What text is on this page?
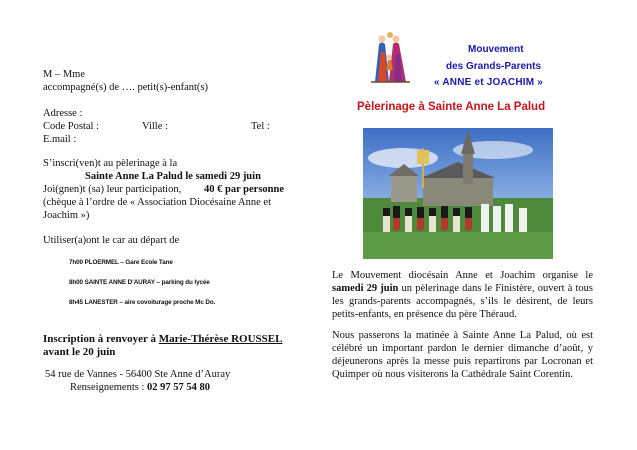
M – Mme
accompagné(s) de …. petit(s)-enfant(s)
Adresse :
Code Postal :	Ville :	Tel :
E.mail :
S’inscri(ven)t au pèlerinage à la
Sainte Anne La Palud le samedi 29 juin
Joi(gnen)t (sa) leur participation, 40 € par personne
(chèque à l’ordre de « Association Diocésaine Anne et
Joachim »)
Utiliser(a)ont le car au départ de
7h00 PLOERMEL – Gare Ecole Tane
8h00 SAINTE ANNE D’AURAY – parking du lycée
8h45 LANESTER – aire covoiturage proche Mc Do.
Inscription à renvoyer à Marie-Thérèse ROUSSEL
avant le 20 juin
54 rue de Vannes - 56400 Ste Anne d’Auray
Renseignements : 02 97 57 54 80
Mouvement
des Grands-Parents
« ANNE et JOACHIM »
Pèlerinage à Sainte Anne La Palud
Le Mouvement diocésain Anne et Joachim organise le samedi 29 juin un pèlerinage dans le Finistère, ouvert à tous les grands-parents accompagnés, s’ils le désirent, de leurs petits-enfants, en présence du père Théraud.
Nous passerons la matinée à Sainte Anne La Palud, où est célébré un important pardon le dernier dimanche d’août, y déjeunerons après la messe puis repartirons par Locronan et Quimper où nous visiterons la Cathédrale Saint Corentin.
